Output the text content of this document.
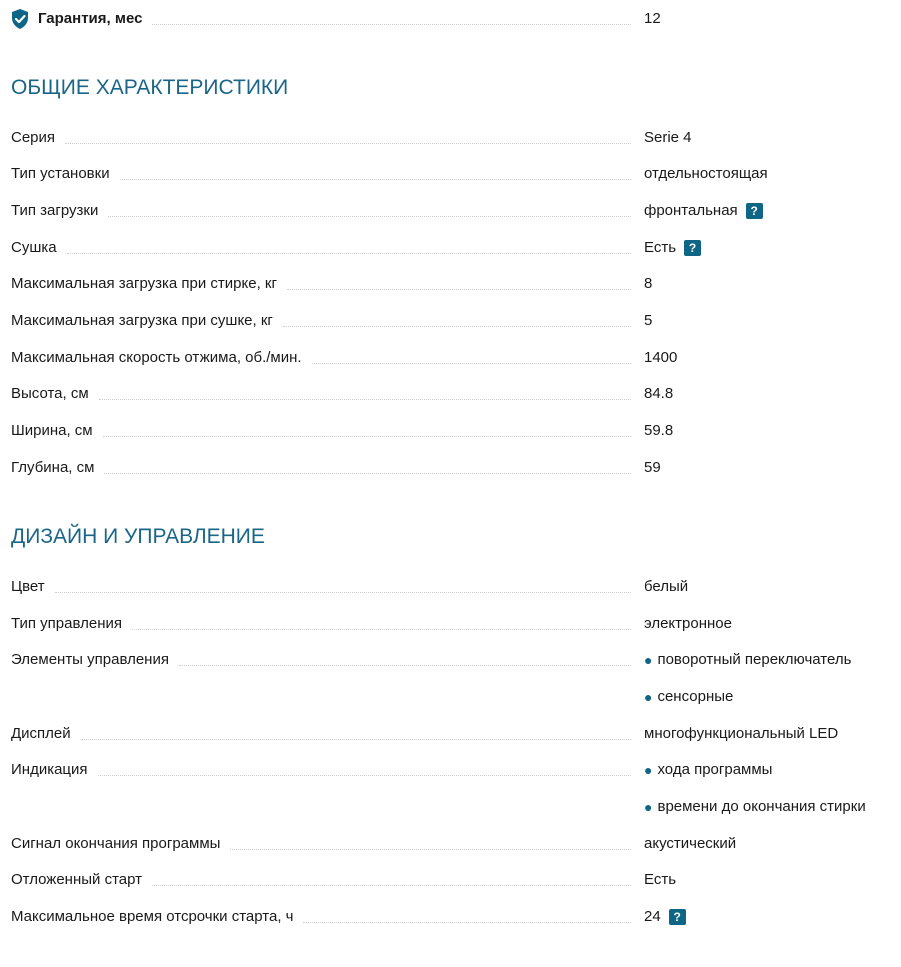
Гарантия, мес	12
ОБЩИЕ ХАРАКТЕРИСТИКИ
Серия	Serie 4
Тип установки	отдельностоящая
Тип загрузки	фронтальная	?
Сушка	Есть	?
Максимальная загрузка при стирке, кг	8
Максимальная загрузка при сушке, кг	5
Максимальная скорость отжима, об./мин.	1400
Высота, см	84.8
Ширина, см	59.8
Глубина, см	59
ДИЗАЙН И УПРАВЛЕНИЕ
Цвет	белый
Тип управления	электронное
Элементы управления	● поворотный переключатель
● сенсорные
Дисплей	многофункциональный LED
Индикация	● хода программы
● времени до окончания стирки
Сигнал окончания программы	акустический
Отложенный старт	Есть
Максимальное время отсрочки старта, ч	24	?
